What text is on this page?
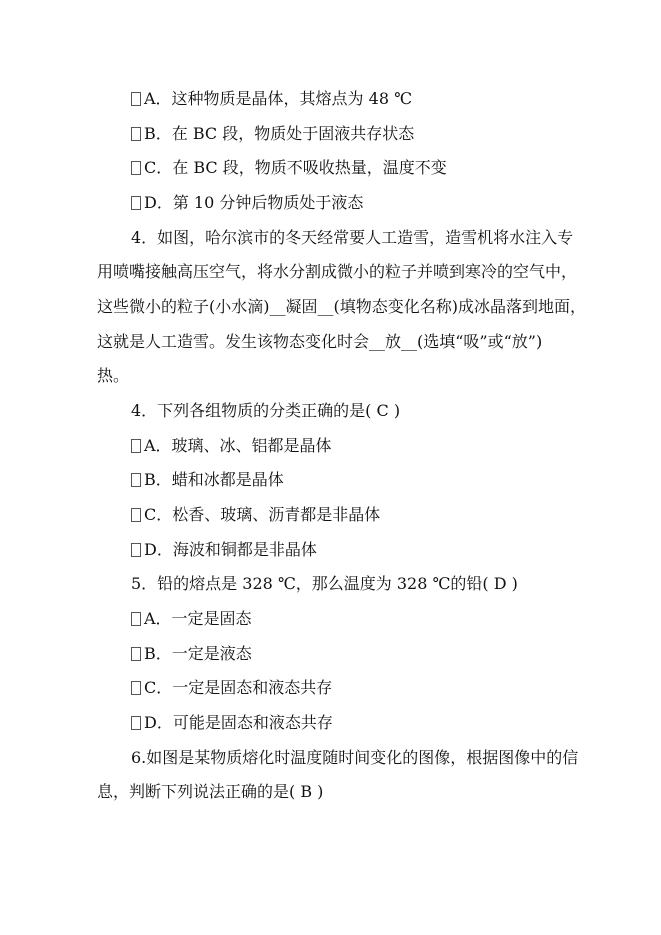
A．这种物质是晶体，其熔点为 48 ℃
B．在 BC 段，物质处于固液共存状态
C．在 BC 段，物质不吸收热量，温度不变
D．第 10 分钟后物质处于液态
4．如图，哈尔滨市的冬天经常要人工造雪，造雪机将水注入专
用喷嘴接触高压空气，将水分割成微小的粒子并喷到寒冷的空气中，
这些微小的粒子(小水滴)__凝固__(填物态变化名称)成冰晶落到地面，
这就是人工造雪。发生该物态变化时会__放__(选填“吸”或“放”)
热。
4．下列各组物质的分类正确的是( C )
A．玻璃、冰、铝都是晶体
B．蜡和冰都是晶体
C．松香、玻璃、沥青都是非晶体
D．海波和铜都是非晶体
5．铅的熔点是 328 ℃，那么温度为 328 ℃的铅( D )
A．一定是固态
B．一定是液态
C．一定是固态和液态共存
D．可能是固态和液态共存
6.如图是某物质熔化时温度随时间变化的图像，根据图像中的信
息，判断下列说法正确的是( B )
